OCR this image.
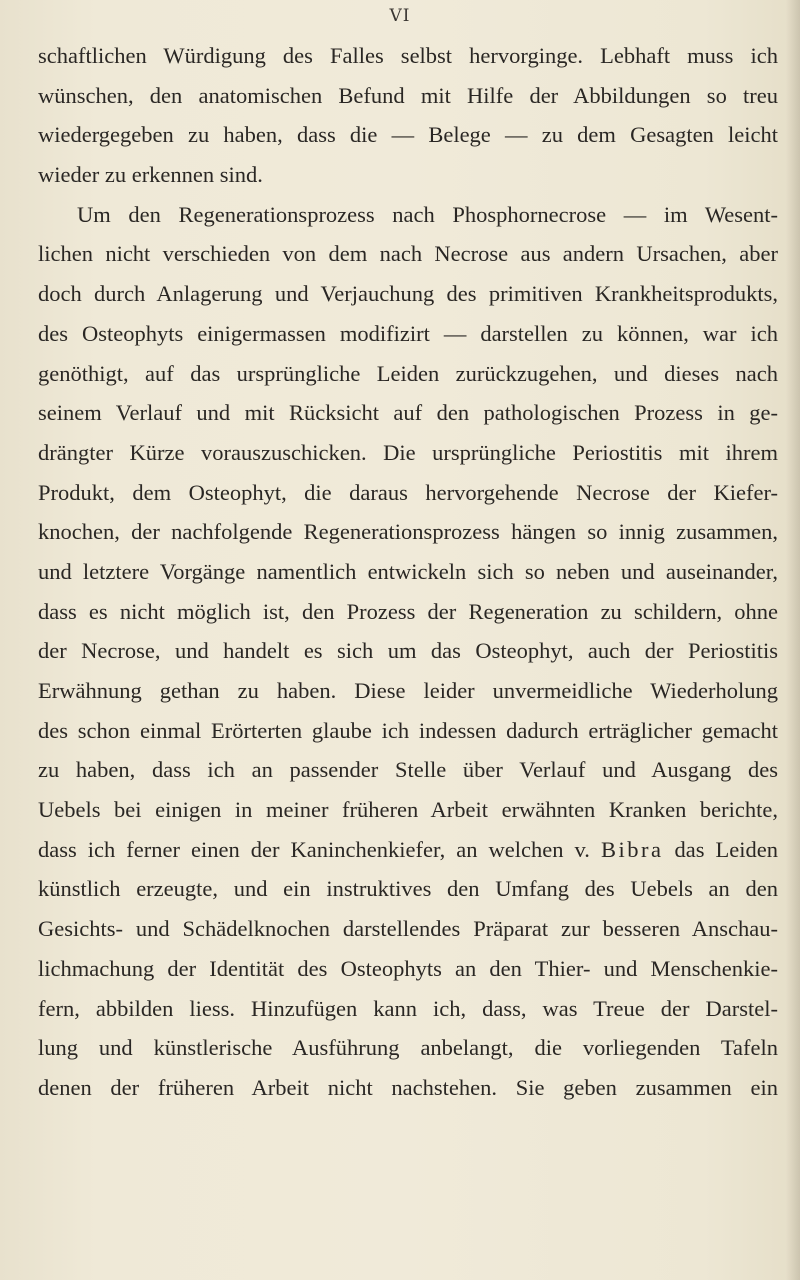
VI
schaftlichen Würdigung des Falles selbst hervorginge. Lebhaft muss ich
wünschen, den anatomischen Befund mit Hilfe der Abbildungen so treu
wiedergegeben zu haben, dass die — Belege — zu dem Gesagten leicht
wieder zu erkennen sind.
Um den Regenerationsprozess nach Phosphornecrose — im Wesent-
lichen nicht verschieden von dem nach Necrose aus andern Ursachen, aber
doch durch Anlagerung und Verjauchung des primitiven Krankheitsprodukts,
des Osteophyts einigermassen modifizirt — darstellen zu können, war ich
genöthigt, auf das ursprüngliche Leiden zurückzugehen, und dieses nach
seinem Verlauf und mit Rücksicht auf den pathologischen Prozess in ge-
drängter Kürze vorauszuschicken. Die ursprüngliche Periostitis mit ihrem
Produkt, dem Osteophyt, die daraus hervorgehende Necrose der Kiefer-
knochen, der nachfolgende Regenerationsprozess hängen so innig zusammen,
und letztere Vorgänge namentlich entwickeln sich so neben und auseinander,
dass es nicht möglich ist, den Prozess der Regeneration zu schildern, ohne
der Necrose, und handelt es sich um das Osteophyt, auch der Periostitis
Erwähnung gethan zu haben. Diese leider unvermeidliche Wiederholung
des schon einmal Erörterten glaube ich indessen dadurch erträglicher gemacht
zu haben, dass ich an passender Stelle über Verlauf und Ausgang des
Uebels bei einigen in meiner früheren Arbeit erwähnten Kranken berichte,
dass ich ferner einen der Kaninchenkiefer, an welchen v. Bibra das Leiden
künstlich erzeugte, und ein instruktives den Umfang des Uebels an den
Gesichts- und Schädelknochen darstellendes Präparat zur besseren Anschau-
lichmachung der Identität des Osteophyts an den Thier- und Menschenkie-
fern, abbilden liess. Hinzufügen kann ich, dass, was Treue der Darstel-
lung und künstlerische Ausführung anbelangt, die vorliegenden Tafeln
denen der früheren Arbeit nicht nachstehen. Sie geben zusammen ein
